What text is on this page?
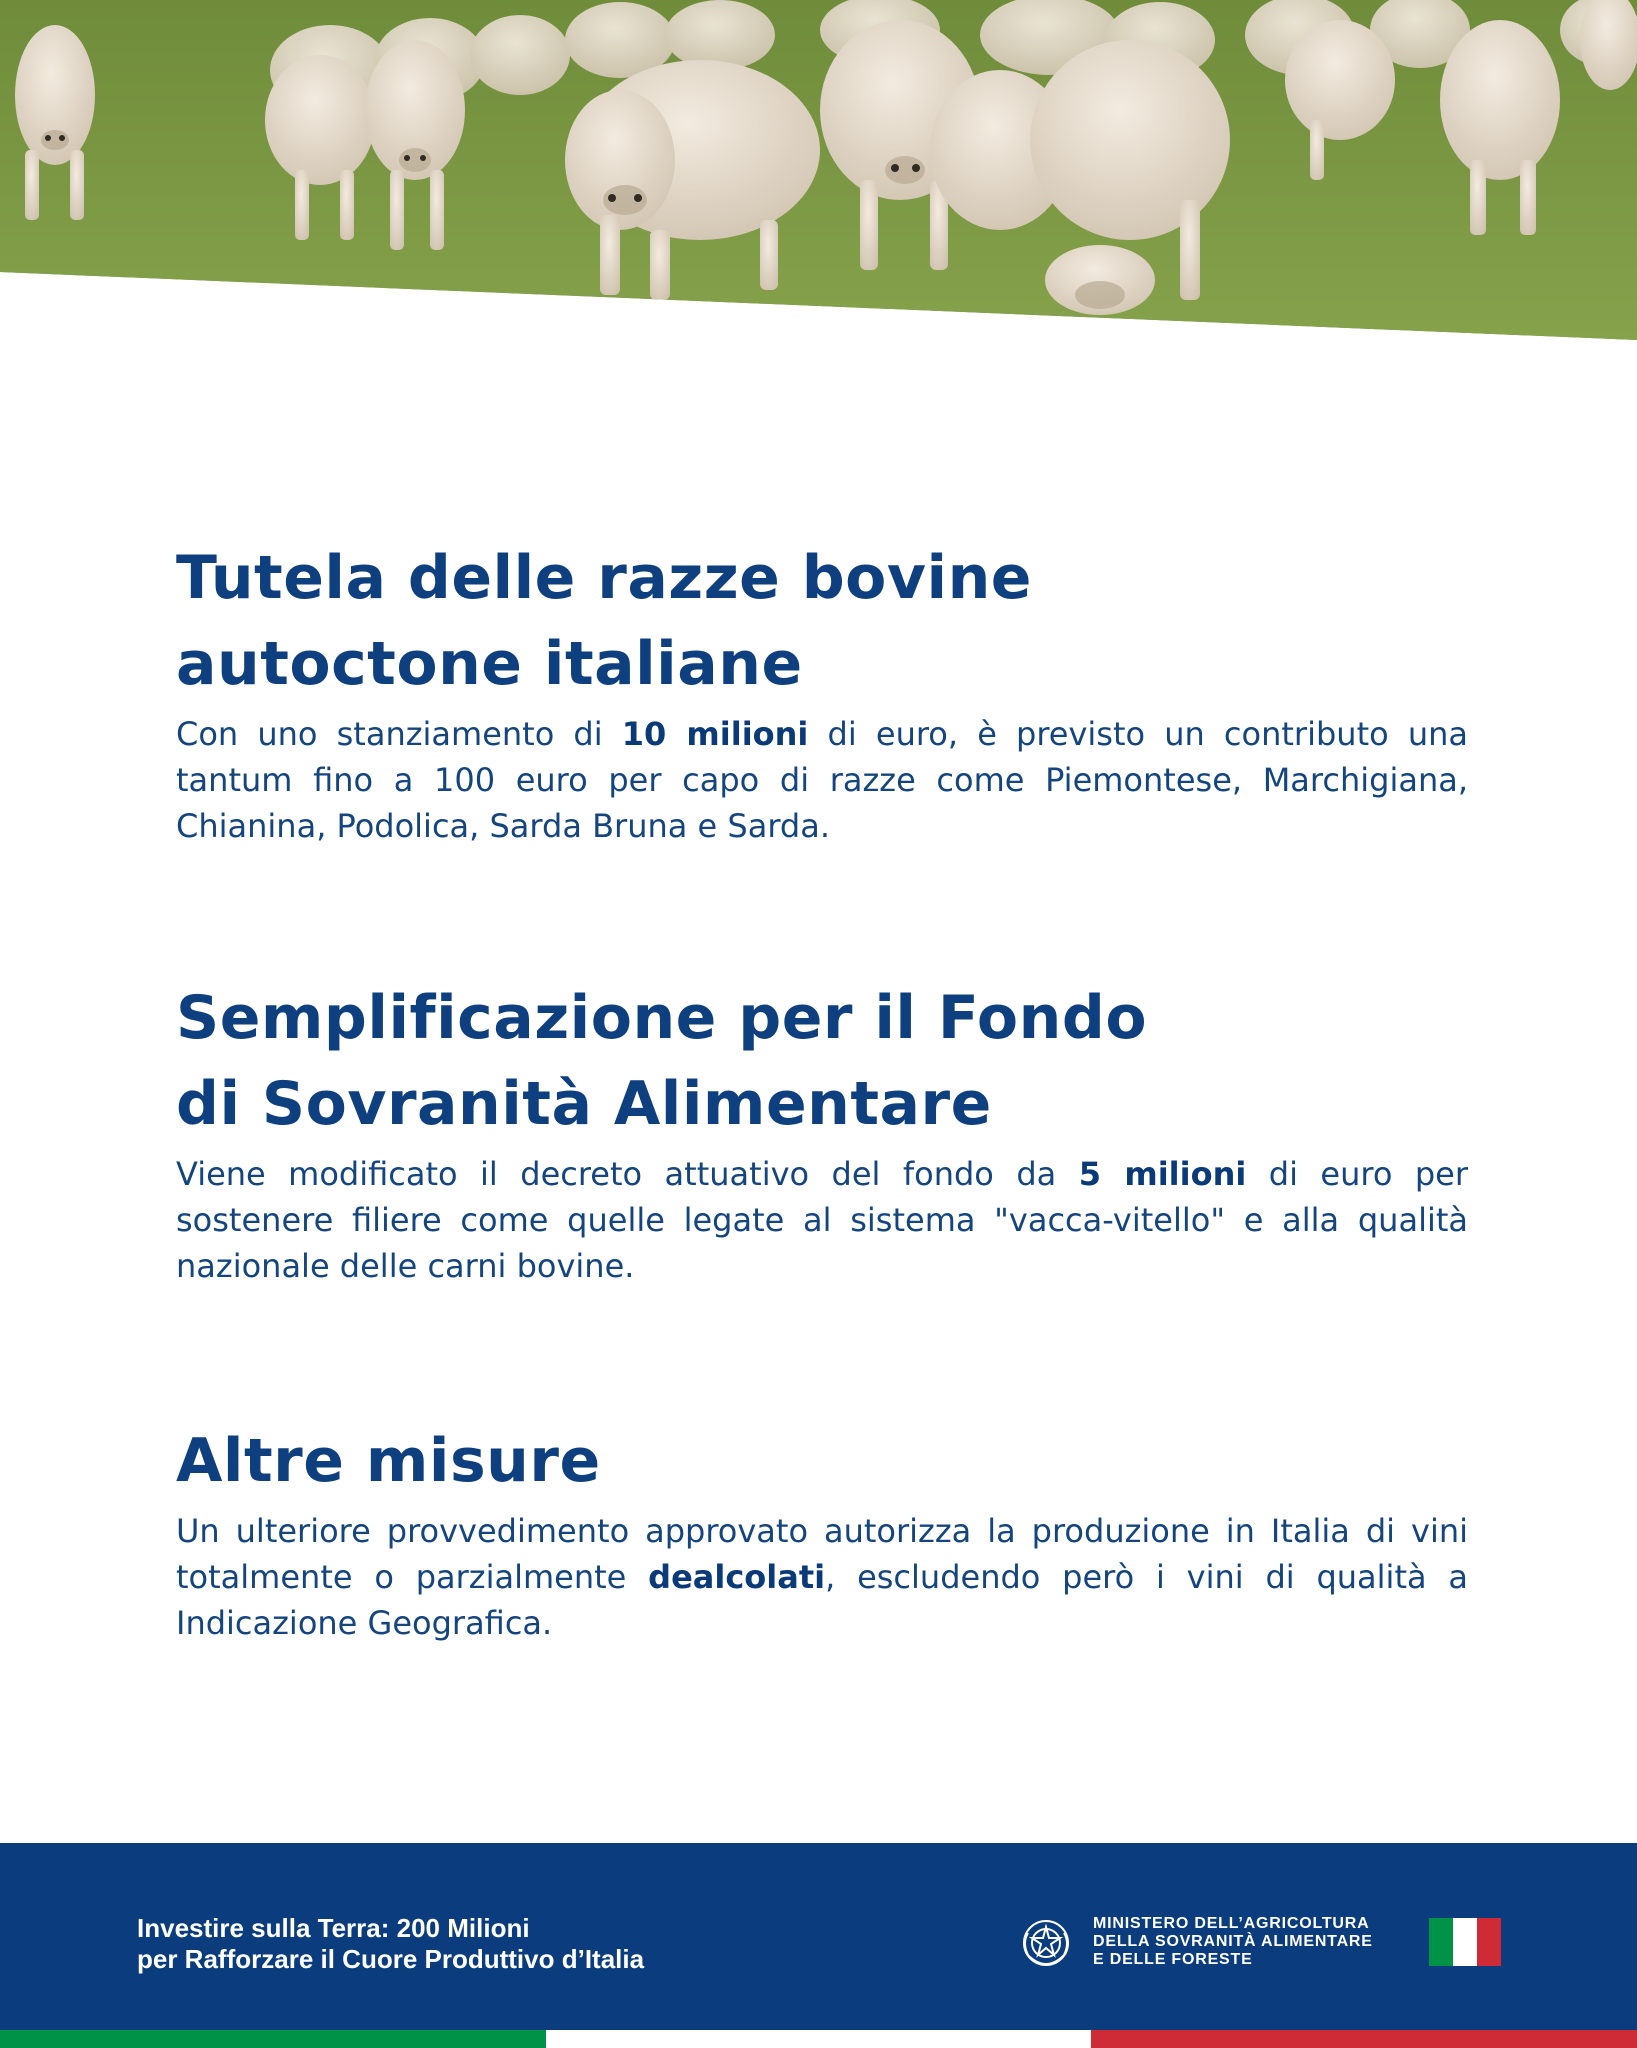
Tutela delle razze bovine
autoctone italiane

Con uno stanziamento di 10 milioni di euro, è previsto un contributo una tantum fino a 100 euro per capo di razze come Piemontese, Marchigiana, Chianina, Podolica, Sarda Bruna e Sarda.

Semplificazione per il Fondo
di Sovranità Alimentare

Viene modificato il decreto attuativo del fondo da 5 milioni di euro per sostenere filiere come quelle legate al sistema "vacca-vitello" e alla qualità nazionale delle carni bovine.

Altre misure

Un ulteriore provvedimento approvato autorizza la produzione in Italia di vini totalmente o parzialmente dealcolati, escludendo però i vini di qualità a Indicazione Geografica.

Investire sulla Terra: 200 Milioni
per Rafforzare il Cuore Produttivo d’Italia
MINISTERO DELL’AGRICOLTURA
DELLA SOVRANITÀ ALIMENTARE
E DELLE FORESTE
